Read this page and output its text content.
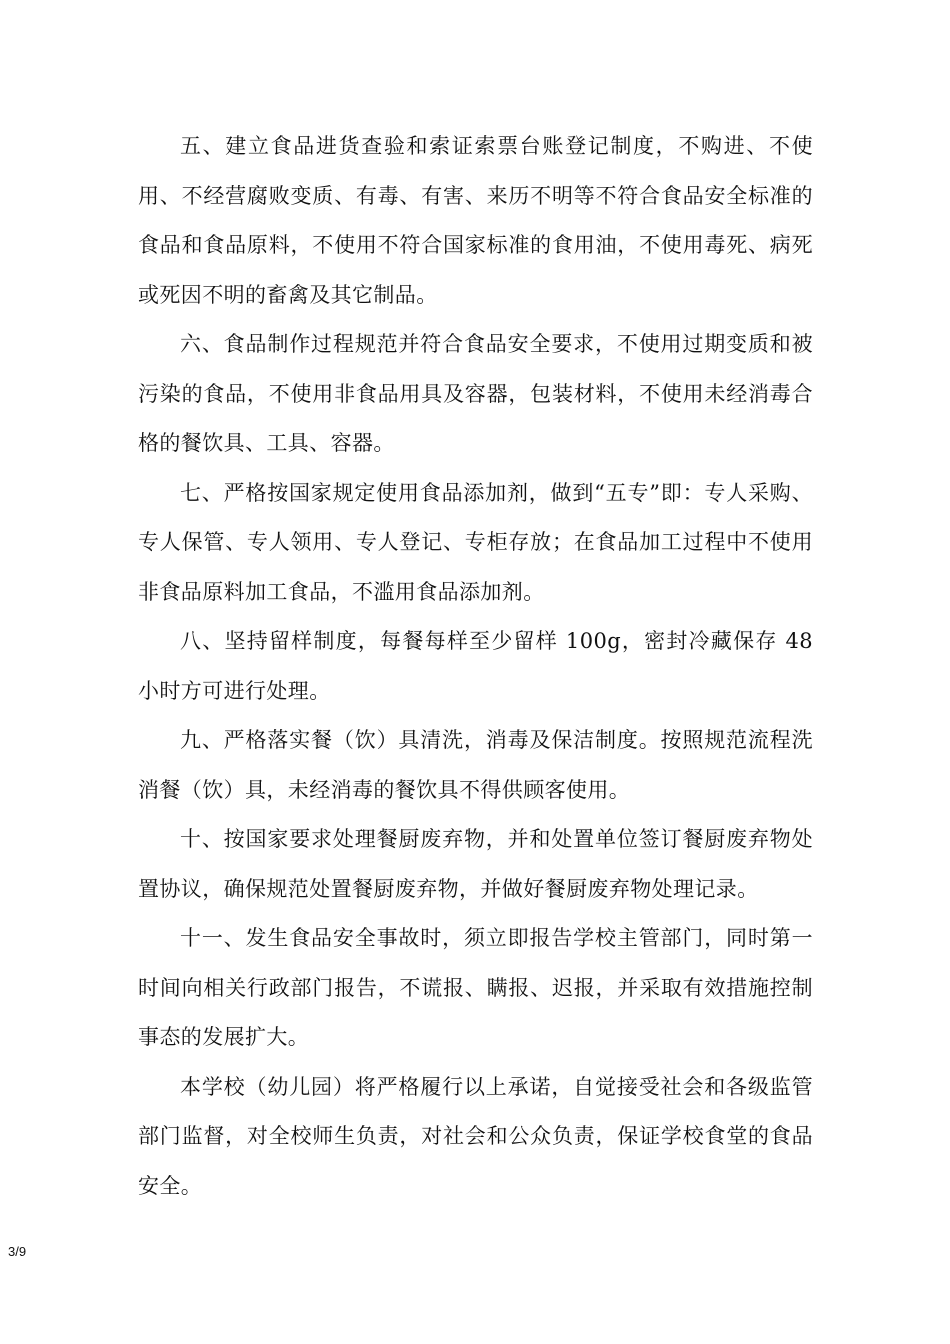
五、建立食品进货查验和索证索票台账登记制度，不购进、不使用、不经营腐败变质、有毒、有害、来历不明等不符合食品安全标准的食品和食品原料，不使用不符合国家标准的食用油，不使用毒死、病死或死因不明的畜禽及其它制品。

六、食品制作过程规范并符合食品安全要求，不使用过期变质和被污染的食品，不使用非食品用具及容器，包装材料，不使用未经消毒合格的餐饮具、工具、容器。

七、严格按国家规定使用食品添加剂，做到“五专”即：专人采购、专人保管、专人领用、专人登记、专柜存放；在食品加工过程中不使用非食品原料加工食品，不滥用食品添加剂。

八、坚持留样制度，每餐每样至少留样 100g，密封冷藏保存 48 小时方可进行处理。

九、严格落实餐（饮）具清洗，消毒及保洁制度。按照规范流程洗消餐（饮）具，未经消毒的餐饮具不得供顾客使用。

十、按国家要求处理餐厨废弃物，并和处置单位签订餐厨废弃物处置协议，确保规范处置餐厨废弃物，并做好餐厨废弃物处理记录。

十一、发生食品安全事故时，须立即报告学校主管部门，同时第一时间向相关行政部门报告，不谎报、瞒报、迟报，并采取有效措施控制事态的发展扩大。

本学校（幼儿园）将严格履行以上承诺，自觉接受社会和各级监管部门监督，对全校师生负责，对社会和公众负责，保证学校食堂的食品安全。

3/9
